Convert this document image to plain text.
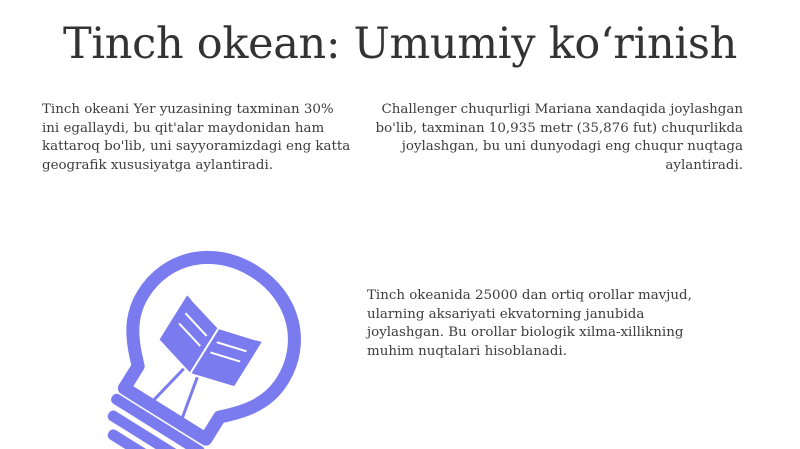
Tinch okean: Umumiy koʻrinish
Tinch okeani Yer yuzasining taxminan 30% ini egallaydi, bu qit'alar maydonidan ham kattaroq bo'lib, uni sayyoramizdagi eng katta geografik xususiyatga aylantiradi.
Challenger chuqurligi Mariana xandaqida joylashgan bo'lib, taxminan 10,935 metr (35,876 fut) chuqurlikda joylashgan, bu uni dunyodagi eng chuqur nuqtaga aylantiradi.
Tinch okeanida 25000 dan ortiq orollar mavjud, ularning aksariyati ekvatorning janubida joylashgan. Bu orollar biologik xilma-xillikning muhim nuqtalari hisoblanadi.
